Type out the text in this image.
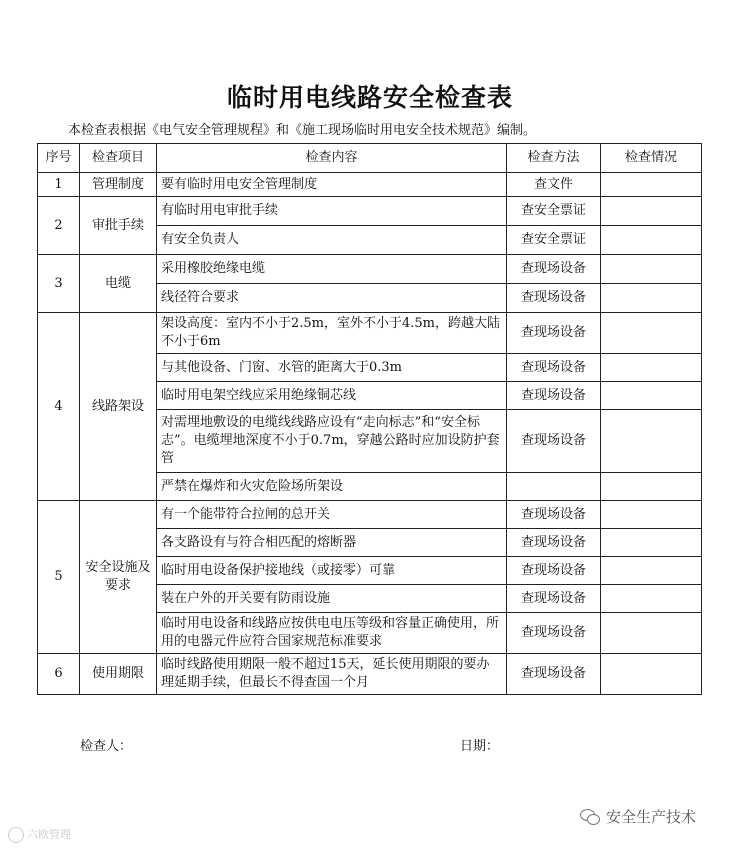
临时用电线路安全检查表
本检查表根据《电气安全管理规程》和《施工现场临时用电安全技术规范》编制。
序号	检查项目	检查内容	检查方法	检查情况
1	管理制度	要有临时用电安全管理制度	查文件	
2	审批手续	有临时用电审批手续	查安全票证	
		有安全负责人	查安全票证	
3	电缆	采用橡胶绝缘电缆	查现场设备	
		线径符合要求	查现场设备	
4	线路架设	架设高度：室内不小于2.5m，室外不小于4.5m，跨越大陆不小于6m	查现场设备	
		与其他设备、门窗、水管的距离大于0.3m	查现场设备	
		临时用电架空线应采用绝缘铜芯线	查现场设备	
		对需埋地敷设的电缆线线路应设有“走向标志”和“安全标志”。电缆埋地深度不小于0.7m，穿越公路时应加设防护套管	查现场设备	
		严禁在爆炸和火灾危险场所架设		
5	安全设施及要求	有一个能带符合拉闸的总开关	查现场设备	
		各支路设有与符合相匹配的熔断器	查现场设备	
		临时用电设备保护接地线（或接零）可靠	查现场设备	
		装在户外的开关要有防雨设施	查现场设备	
		临时用电设备和线路应按供电电压等级和容量正确使用，所用的电器元件应符合国家规范标准要求	查现场设备	
6	使用期限	临时线路使用期限一般不超过15天，延长使用期限的要办理延期手续，但最长不得查国一个月	查现场设备	
检查人：	日期：
六欧管理
安全生产技术
